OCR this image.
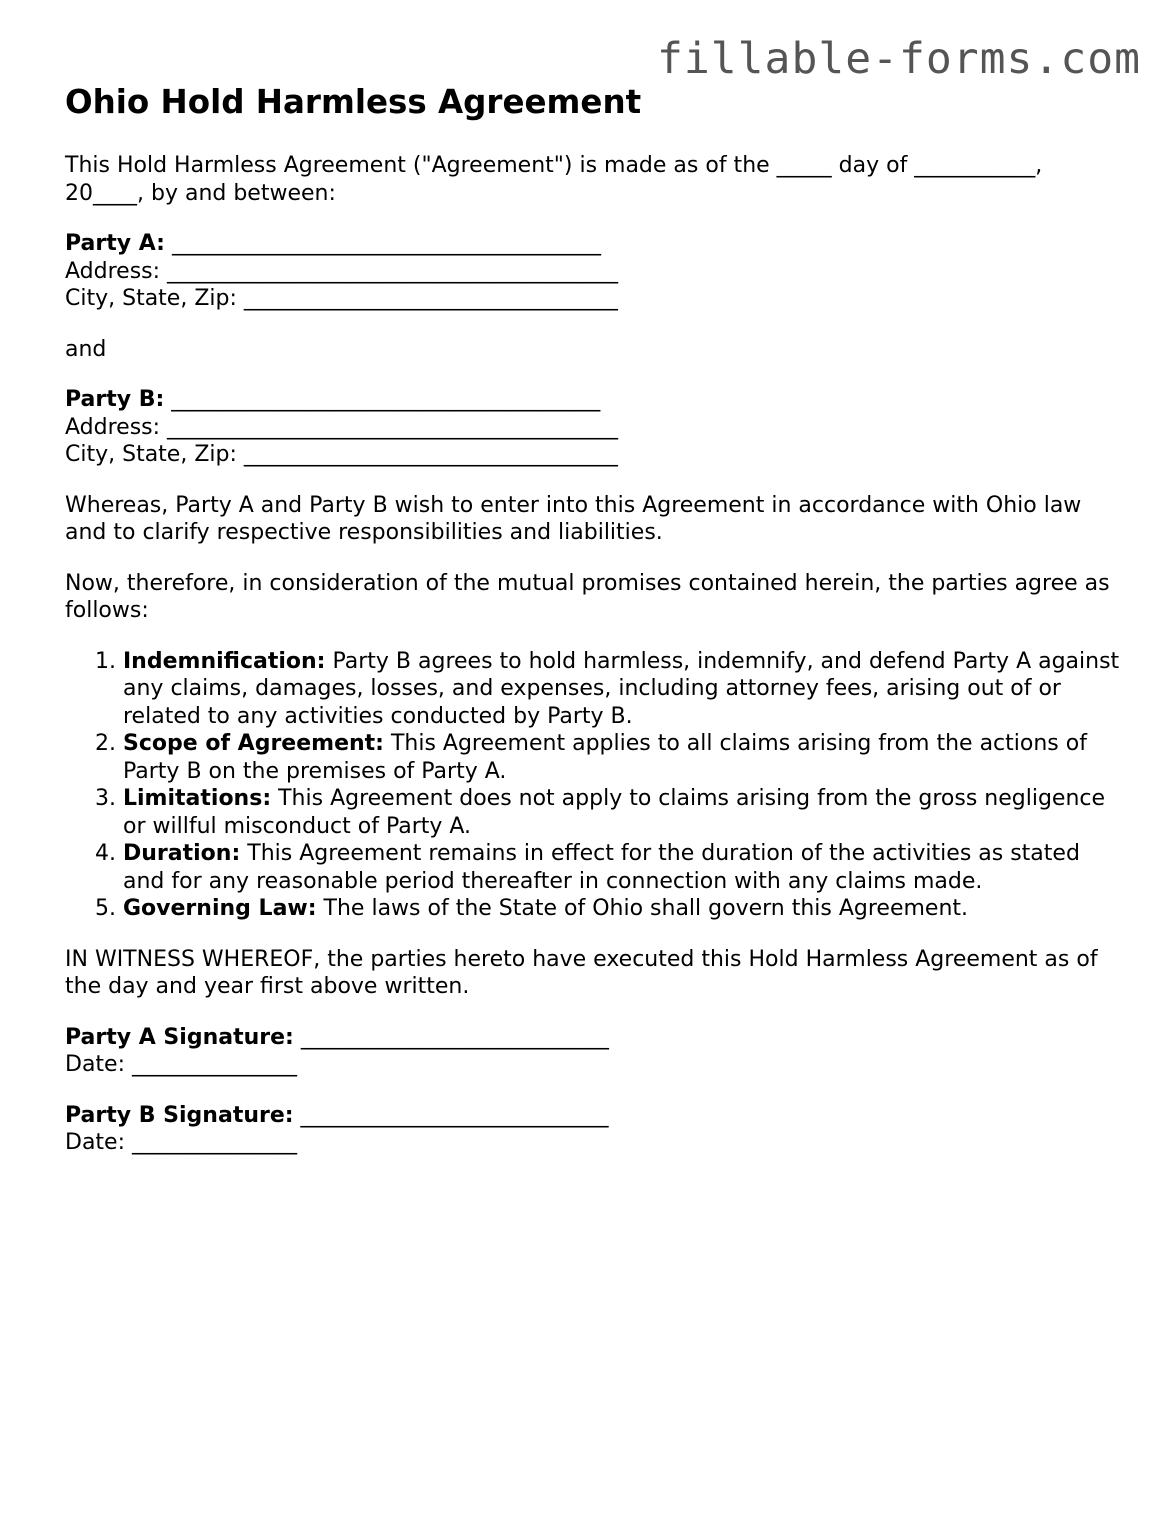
fillable-forms.com
Ohio Hold Harmless Agreement

This Hold Harmless Agreement ("Agreement") is made as of the _____ day of ___________, 20____, by and between:

Party A: _______________________________________
Address: _________________________________________
City, State, Zip: __________________________________

and

Party B: _______________________________________
Address: _________________________________________
City, State, Zip: __________________________________

Whereas, Party A and Party B wish to enter into this Agreement in accordance with Ohio law and to clarify respective responsibilities and liabilities.

Now, therefore, in consideration of the mutual promises contained herein, the parties agree as follows:

1. Indemnification: Party B agrees to hold harmless, indemnify, and defend Party A against any claims, damages, losses, and expenses, including attorney fees, arising out of or related to any activities conducted by Party B.
2. Scope of Agreement: This Agreement applies to all claims arising from the actions of Party B on the premises of Party A.
3. Limitations: This Agreement does not apply to claims arising from the gross negligence or willful misconduct of Party A.
4. Duration: This Agreement remains in effect for the duration of the activities as stated and for any reasonable period thereafter in connection with any claims made.
5. Governing Law: The laws of the State of Ohio shall govern this Agreement.

IN WITNESS WHEREOF, the parties hereto have executed this Hold Harmless Agreement as of the day and year first above written.

Party A Signature: ____________________________
Date: _______________
Party B Signature: ____________________________
Date: _______________
